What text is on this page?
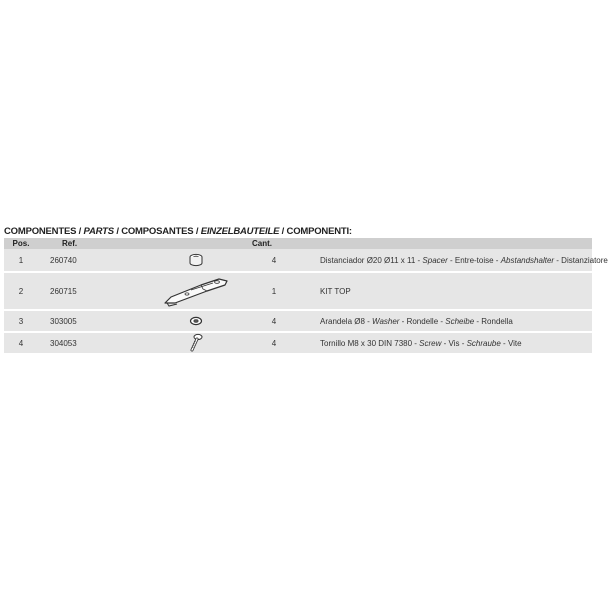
COMPONENTES / PARTS / COMPOSANTES / EINZELBAUTEILE / COMPONENTI:
Pos.	Ref.		Cant.	
1	260740		4	Distanciador Ø20 Ø11 x 11 - Spacer - Entre-toise - Abstandshalter - Distanziatore
2	260715		1	KIT TOP
3	303005		4	Arandela Ø8 - Washer - Rondelle - Scheibe - Rondella
4	304053		4	Tornillo M8 x 30 DIN 7380 - Screw - Vis - Schraube - Vite
